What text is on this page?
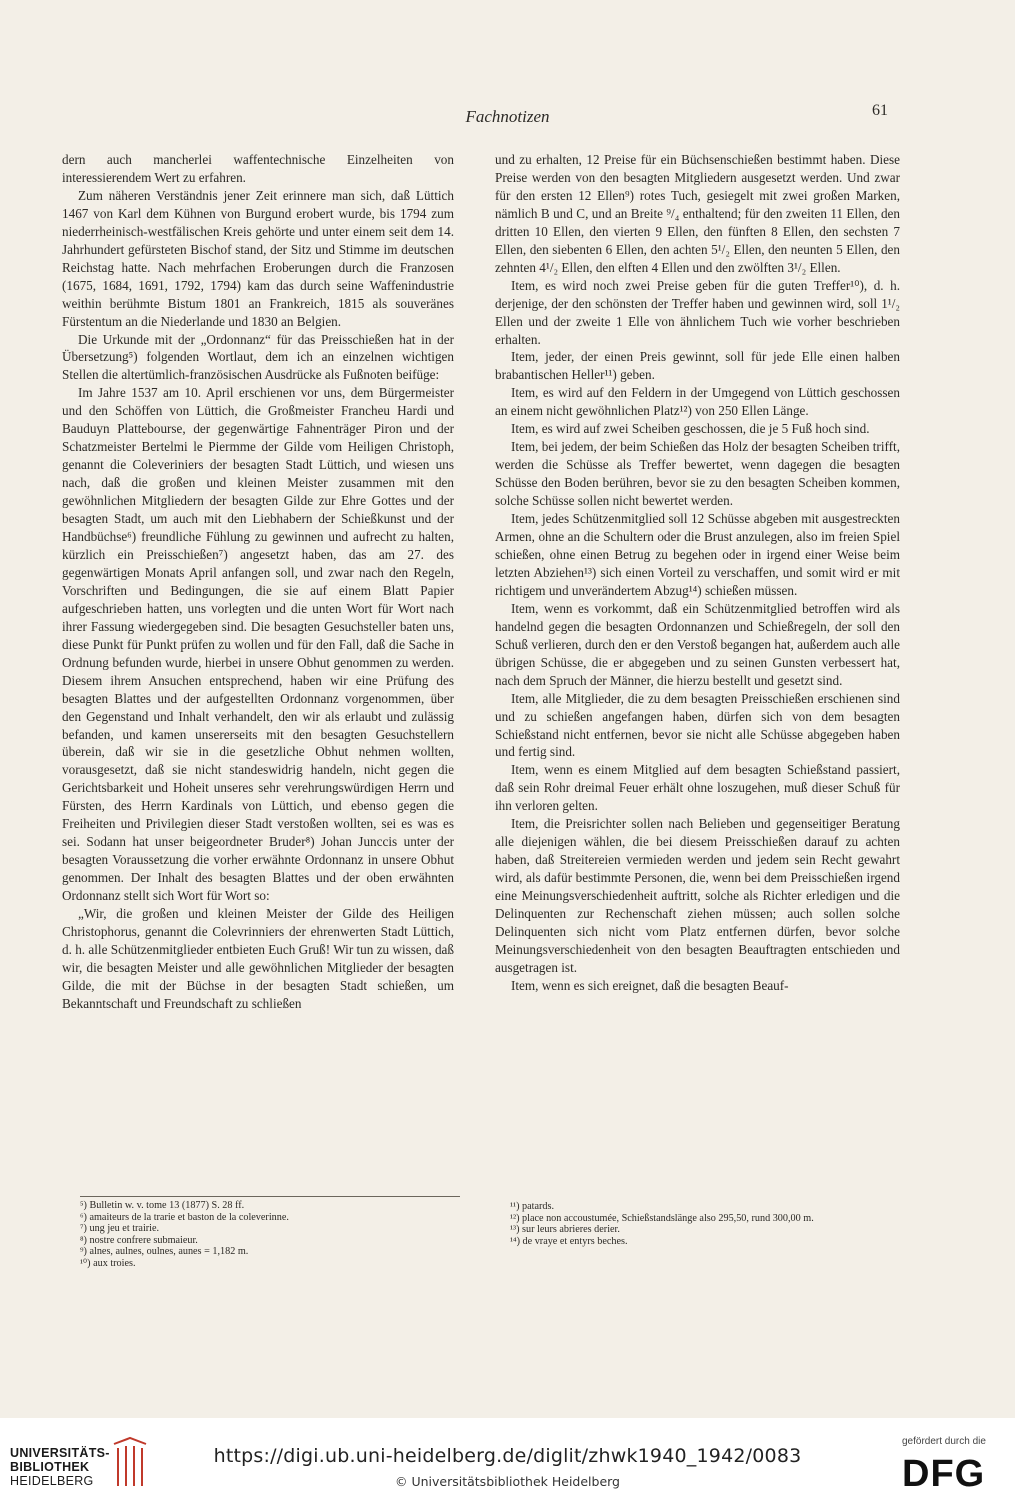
Fachnotizen	61

dern auch mancherlei waffentechnische Einzelheiten von interessierendem Wert zu erfahren.

Zum näheren Verständnis jener Zeit erinnere man sich, daß Lüttich 1467 von Karl dem Kühnen von Burgund erobert wurde, bis 1794 zum niederrheinisch-westfälischen Kreis gehörte und unter einem seit dem 14. Jahrhundert gefürsteten Bischof stand, der Sitz und Stimme im deutschen Reichstag hatte. Nach mehrfachen Eroberungen durch die Franzosen (1675, 1684, 1691, 1792, 1794) kam das durch seine Waffenindustrie weithin berühmte Bistum 1801 an Frankreich, 1815 als souveränes Fürstentum an die Niederlande und 1830 an Belgien.

Die Urkunde mit der „Ordonnanz“ für das Preisschießen hat in der Übersetzung⁵) folgenden Wortlaut, dem ich an einzelnen wichtigen Stellen die altertümlich-französischen Ausdrücke als Fußnoten beifüge:

Im Jahre 1537 am 10. April erschienen vor uns, dem Bürgermeister und den Schöffen von Lüttich, die Großmeister Francheu Hardi und Bauduyn Plattebourse, der gegenwärtige Fahnenträger Piron und der Schatzmeister Bertelmi le Piermme der Gilde vom Heiligen Christoph, genannt die Coleveriniers der besagten Stadt Lüttich, und wiesen uns nach, daß die großen und kleinen Meister zusammen mit den gewöhnlichen Mitgliedern der besagten Gilde zur Ehre Gottes und der besagten Stadt, um auch mit den Liebhabern der Schießkunst und der Handbüchse⁶) freundliche Fühlung zu gewinnen und aufrecht zu halten, kürzlich ein Preisschießen⁷) angesetzt haben, das am 27. des gegenwärtigen Monats April anfangen soll, und zwar nach den Regeln, Vorschriften und Bedingungen, die sie auf einem Blatt Papier aufgeschrieben hatten, uns vorlegten und die unten Wort für Wort nach ihrer Fassung wiedergegeben sind. Die besagten Gesuchsteller baten uns, diese Punkt für Punkt prüfen zu wollen und für den Fall, daß die Sache in Ordnung befunden wurde, hierbei in unsere Obhut genommen zu werden. Diesem ihrem Ansuchen entsprechend, haben wir eine Prüfung des besagten Blattes und der aufgestellten Ordonnanz vorgenommen, über den Gegenstand und Inhalt verhandelt, den wir als erlaubt und zulässig befanden, und kamen unsererseits mit den besagten Gesuchstellern überein, daß wir sie in die gesetzliche Obhut nehmen wollten, vorausgesetzt, daß sie nicht standeswidrig handeln, nicht gegen die Gerichtsbarkeit und Hoheit unseres sehr verehrungswürdigen Herrn und Fürsten, des Herrn Kardinals von Lüttich, und ebenso gegen die Freiheiten und Privilegien dieser Stadt verstoßen wollten, sei es was es sei. Sodann hat unser beigeordneter Bruder⁸) Johan Junccis unter der besagten Voraussetzung die vorher erwähnte Ordonnanz in unsere Obhut genommen. Der Inhalt des besagten Blattes und der oben erwähnten Ordonnanz stellt sich Wort für Wort so:

„Wir, die großen und kleinen Meister der Gilde des Heiligen Christophorus, genannt die Colevrinniers der ehrenwerten Stadt Lüttich, d. h. alle Schützenmitglieder entbieten Euch Gruß! Wir tun zu wissen, daß wir, die besagten Meister und alle gewöhnlichen Mitglieder der besagten Gilde, die mit der Büchse in der besagten Stadt schießen, um Bekanntschaft und Freundschaft zu schließen

und zu erhalten, 12 Preise für ein Büchsenschießen bestimmt haben. Diese Preise werden von den besagten Mitgliedern ausgesetzt werden. Und zwar für den ersten 12 Ellen⁹) rotes Tuch, gesiegelt mit zwei großen Marken, nämlich B und C, und an Breite ⁹/₄ enthaltend; für den zweiten 11 Ellen, den dritten 10 Ellen, den vierten 9 Ellen, den fünften 8 Ellen, den sechsten 7 Ellen, den siebenten 6 Ellen, den achten 5¹/₂ Ellen, den neunten 5 Ellen, den zehnten 4¹/₂ Ellen, den elften 4 Ellen und den zwölften 3¹/₂ Ellen.

Item, es wird noch zwei Preise geben für die guten Treffer¹⁰), d. h. derjenige, der den schönsten der Treffer haben und gewinnen wird, soll 1¹/₂ Ellen und der zweite 1 Elle von ähnlichem Tuch wie vorher beschrieben erhalten.

Item, jeder, der einen Preis gewinnt, soll für jede Elle einen halben brabantischen Heller¹¹) geben.

Item, es wird auf den Feldern in der Umgegend von Lüttich geschossen an einem nicht gewöhnlichen Platz¹²) von 250 Ellen Länge.

Item, es wird auf zwei Scheiben geschossen, die je 5 Fuß hoch sind.

Item, bei jedem, der beim Schießen das Holz der besagten Scheiben trifft, werden die Schüsse als Treffer bewertet, wenn dagegen die besagten Schüsse den Boden berühren, bevor sie zu den besagten Scheiben kommen, solche Schüsse sollen nicht bewertet werden.

Item, jedes Schützenmitglied soll 12 Schüsse abgeben mit ausgestreckten Armen, ohne an die Schultern oder die Brust anzulegen, also im freien Spiel schießen, ohne einen Betrug zu begehen oder in irgend einer Weise beim letzten Abziehen¹³) sich einen Vorteil zu verschaffen, und somit wird er mit richtigem und unverändertem Abzug¹⁴) schießen müssen.

Item, wenn es vorkommt, daß ein Schützenmitglied betroffen wird als handelnd gegen die besagten Ordonnanzen und Schießregeln, der soll den Schuß verlieren, durch den er den Verstoß begangen hat, außerdem auch alle übrigen Schüsse, die er abgegeben und zu seinen Gunsten verbessert hat, nach dem Spruch der Männer, die hierzu bestellt und gesetzt sind.

Item, alle Mitglieder, die zu dem besagten Preisschießen erschienen sind und zu schießen angefangen haben, dürfen sich von dem besagten Schießstand nicht entfernen, bevor sie nicht alle Schüsse abgegeben haben und fertig sind.

Item, wenn es einem Mitglied auf dem besagten Schießstand passiert, daß sein Rohr dreimal Feuer erhält ohne loszugehen, muß dieser Schuß für ihn verloren gelten.

Item, die Preisrichter sollen nach Belieben und gegenseitiger Beratung alle diejenigen wählen, die bei diesem Preisschießen darauf zu achten haben, daß Streitereien vermieden werden und jedem sein Recht gewahrt wird, als dafür bestimmte Personen, die, wenn bei dem Preisschießen irgend eine Meinungsverschiedenheit auftritt, solche als Richter erledigen und die Delinquenten zur Rechenschaft ziehen müssen; auch sollen solche Delinquenten sich nicht vom Platz entfernen dürfen, bevor solche Meinungsverschiedenheit von den besagten Beauftragten entschieden und ausgetragen ist.

Item, wenn es sich ereignet, daß die besagten Beauf-

⁵) Bulletin w. v. tome 13 (1877) S. 28 ff.
⁶) amaiteurs de la trarie et baston de la coleverinne.
⁷) ung jeu et trairie.
⁸) nostre confrere submaieur.
⁹) alnes, aulnes, oulnes, aunes = 1,182 m.
¹⁰) aux troies.
¹¹) patards.
¹²) place non accoustumée, Schießstandslänge also 295,50, rund 300,00 m.
¹³) sur leurs abrieres derier.
¹⁴) de vraye et entyrs beches.
UNIVERSITÄTS-
BIBLIOTHEK
HEIDELBERG
https://digi.ub.uni-heidelberg.de/diglit/zhwk1940_1942/0083
© Universitätsbibliothek Heidelberg
gefördert durch die
DFG
